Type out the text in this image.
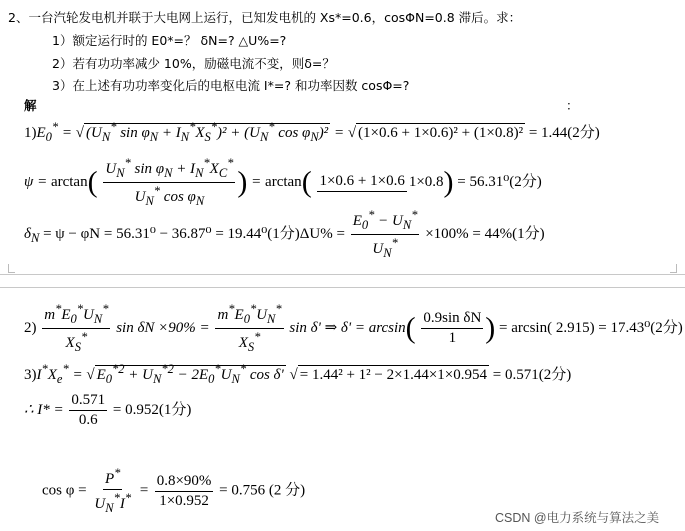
2、一台汽轮发电机并联于大电网上运行，已知发电机的 Xs*=0.6，cosΦN=0.8 滞后。求：
1）额定运行时的 E0*=？ δN=? △U%=?
2）若有功功率减少 10%，励磁电流不变，则δ=？
3）在上述有功功率变化后的电枢电流 I*=? 和功率因数 cosΦ=?
解	：
$1)E_0^*$ = √ ($U_N^*$ $\sin \varphi_N + I_N^*X_S^*)^2 + (U_N^*$ $\cos \varphi_N)^2$ = √ (1×0.6 + 1×0.6)² + (1×0.8)² = 1.44(2分)
$\psi = \arctan( \frac{U_N^* \sin \varphi_N + I_N^*X_C^*}{U_N^* \cos \varphi_N}$ ) = arctan( 1×0.6 + 1×0.6 1×0.8) = 56.31⁰(2分)
$\delta_N = \psi - \varphi N = 56.31^0 - 36.87^0 = 19.44^0(1$分)$\Delta U\% = \frac{E_0^* - U_N^*}{U_N^*} \times 100\% = 44\%(1$分)
$2) \frac{m^*E_0^*U_N^*}{X_S^*}$ $\sin \delta N \times 90\% = \frac{m^*E_0^*U_N^*}{X_S^*}$ sin δ' ⇒ $\delta' = \arcsin( \frac{\text{0.9sin δN}}{1}$ ) = arcsin( 2.915) = 17.43⁰(2分)
$3)I^*X_e^*$ = √ $E_0^{*2} + U_N^{*2} - 2E_0^*U_N^*$ cos δ' √ = 1.44² + 1² − 2×1.44×1×0.954 = 0.571(2分)
∴ $I* = \frac{0.571}{0.6} = 0.952(1$分)
$\cos \varphi = \frac{P^*}{U_N^*I^*} = \frac{0.8\times 90\%}{1\times 0.952} = 0.756$ (2 分)
CSDN @电力系统与算法之美
